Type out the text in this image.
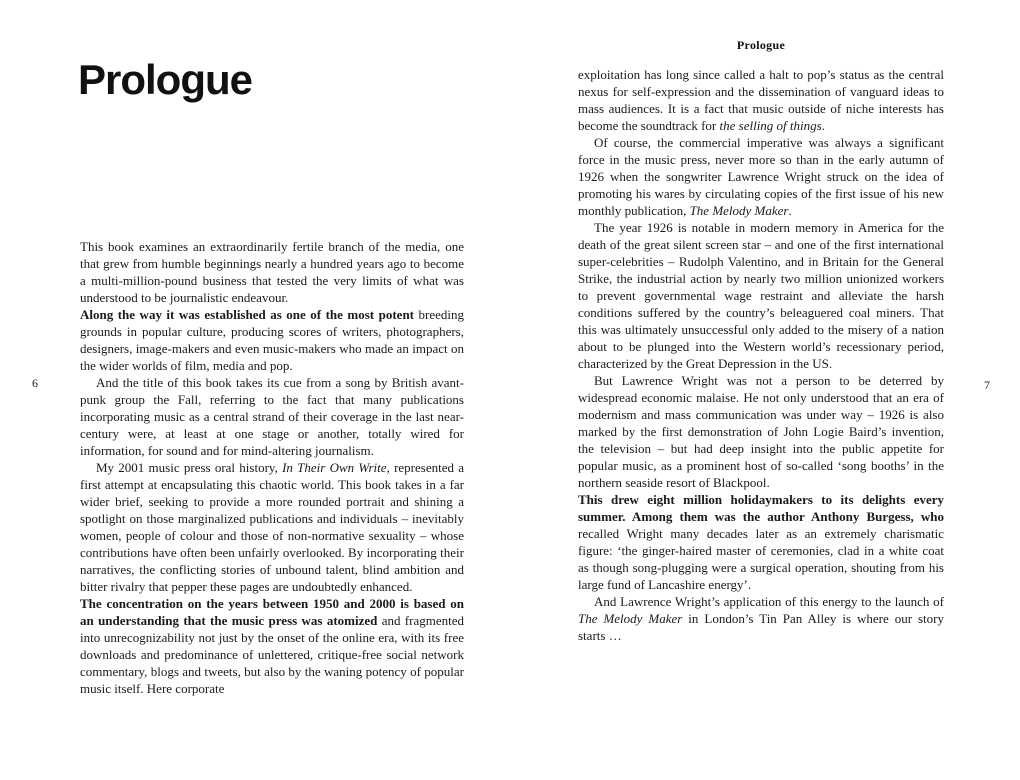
Prologue
6

This book examines an extraordinarily fertile branch of the media, one that grew from humble beginnings nearly a hundred years ago to become a multi-million-pound business that tested the very limits of what was understood to be journalistic endeavour.

Along the way it was established as one of the most potent breeding grounds in popular culture, producing scores of writers, photographers, designers, image-makers and even music-makers who made an impact on the wider worlds of film, media and pop.

And the title of this book takes its cue from a song by British avant-punk group the Fall, referring to the fact that many publications incorporating music as a central strand of their coverage in the last near-century were, at least at one stage or another, totally wired for information, for sound and for mind-altering journalism.

My 2001 music press oral history, In Their Own Write, represented a first attempt at encapsulating this chaotic world. This book takes in a far wider brief, seeking to provide a more rounded portrait and shining a spotlight on those marginalized publications and individuals – inevitably women, people of colour and those of non-normative sexuality – whose contributions have often been unfairly overlooked. By incorporating their narratives, the conflicting stories of unbound talent, blind ambition and bitter rivalry that pepper these pages are undoubtedly enhanced.

The concentration on the years between 1950 and 2000 is based on an understanding that the music press was atomized and fragmented into unrecognizability not just by the onset of the online era, with its free downloads and predominance of unlettered, critique-free social network commentary, blogs and tweets, but also by the waning potency of popular music itself. Here corporate

Prologue
7

exploitation has long since called a halt to pop’s status as the central nexus for self-expression and the dissemination of vanguard ideas to mass audiences. It is a fact that music outside of niche interests has become the soundtrack for the selling of things.

Of course, the commercial imperative was always a significant force in the music press, never more so than in the early autumn of 1926 when the songwriter Lawrence Wright struck on the idea of promoting his wares by circulating copies of the first issue of his new monthly publication, The Melody Maker.

The year 1926 is notable in modern memory in America for the death of the great silent screen star – and one of the first international super-celebrities – Rudolph Valentino, and in Britain for the General Strike, the industrial action by nearly two million unionized workers to prevent governmental wage restraint and alleviate the harsh conditions suffered by the country’s beleaguered coal miners. That this was ultimately unsuccessful only added to the misery of a nation about to be plunged into the Western world’s recessionary period, characterized by the Great Depression in the US.

But Lawrence Wright was not a person to be deterred by widespread economic malaise. He not only understood that an era of modernism and mass communication was under way – 1926 is also marked by the first demonstration of John Logie Baird’s invention, the television – but had deep insight into the public appetite for popular music, as a prominent host of so-called ‘song booths’ in the northern seaside resort of Blackpool.

This drew eight million holidaymakers to its delights every summer. Among them was the author Anthony Burgess, who recalled Wright many decades later as an extremely charismatic figure: ‘the ginger-haired master of ceremonies, clad in a white coat as though song-plugging were a surgical operation, shouting from his large fund of Lancashire energy’.

And Lawrence Wright’s application of this energy to the launch of The Melody Maker in London’s Tin Pan Alley is where our story starts …
